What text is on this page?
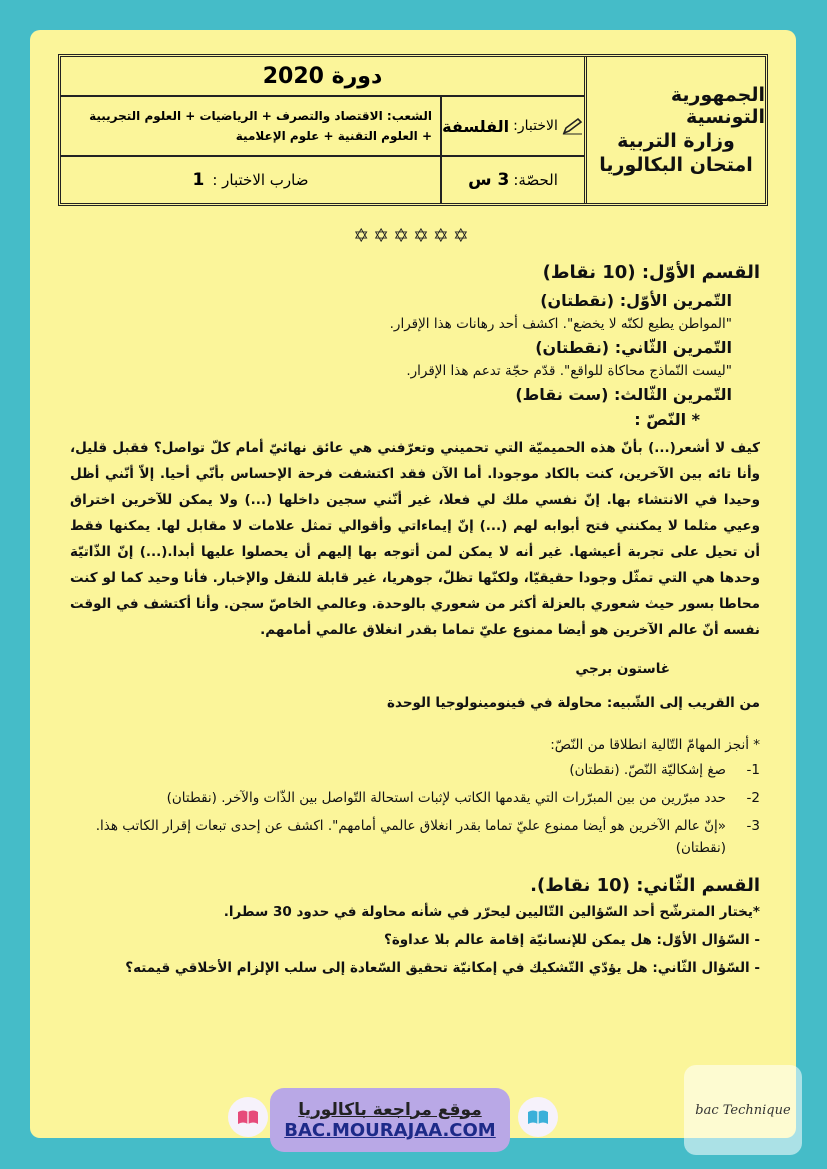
الجمهورية التونسية
وزارة التربية
امتحان البكالوريا
دورة 2020
الاختبار:
الفلسفة
الشعب: الاقتصاد والتصرف + الرياضيات + العلوم التجريبية
+ العلوم التقنية + علوم الإعلامية
الحصّة:
3 س
ضارب الاختبار :
1
✡✡✡✡✡✡
القسم الأوّل: (10 نقاط)
التّمرين الأوّل: (نقطتان)
"المواطن يطيع لكنّه لا يخضع". اكشف أحد رهانات هذا الإقرار.
التّمرين الثّاني: (نقطتان)
"ليست النّماذج محاكاة للواقع". قدّم حجّة تدعم هذا الإقرار.
التّمرين الثّالث: (ست نقاط)
* النّصّ :
كيف لا أشعر(...) بأنّ هذه الحميميّة التي تحميني وتعرّفني هي عائق نهائيّ أمام كلّ تواصل؟ فقبل قليل، وأنا تائه بين الآخرين، كنت بالكاد موجودا. أما الآن فقد اكتشفت فرحة الإحساس بأنّي أحيا. إلاّ أنّني أظل وحيدا في الانتشاء بها. إنّ نفسي ملك لي فعلا، غير أنّني سجين داخلها (...) ولا يمكن للآخرين اختراق وعيي مثلما لا يمكنني فتح أبوابه لهم (...) إنّ إيماءاتي وأقوالي تمثل علامات لا مقابل لها. يمكنها فقط أن تحيل على تجربة أعيشها. غير أنه لا يمكن لمن أتوجه بها إليهم أن يحصلوا عليها أبدا.(...) إنّ الذّاتيّة وحدها هي التي تمثّل وجودا حقيقيّا، ولكنّها تظلّ، جوهريا، غير قابلة للنقل والإخبار. فأنا وحيد كما لو كنت محاطا بسور حيث شعوري بالعزلة أكثر من شعوري بالوحدة. وعالمي الخاصّ سجن. وأنا أكتشف في الوقت نفسه أنّ عالم الآخرين هو أيضا ممنوع عليّ تماما بقدر انغلاق عالمي أمامهم.
غاستون برجي
من القريب إلى الشّبيه: محاولة في فينومينولوجيا الوحدة
* أنجز المهامّ التّالية انطلاقا من النّصّ:
1-
صغ إشكاليّة النّصّ. (نقطتان)
2-
حدد مبرّرين من بين المبرّرات التي يقدمها الكاتب لإثبات استحالة التّواصل بين الذّات والآخر. (نقطتان)
3-
«إنّ عالم الآخرين هو أيضا ممنوع عليّ تماما بقدر انغلاق عالمي أمامهم". اكشف عن إحدى تبعات إقرار الكاتب هذا. (نقطتان)
القسم الثّاني: (10 نقاط).
*يختار المترشّح أحد السّؤالين التّاليين ليحرّر في شأنه محاولة في حدود 30 سطرا.
- السّؤال الأوّل: هل يمكن للإنسانيّة إقامة عالم بلا عداوة؟
- السّؤال الثّاني: هل يؤدّي التّشكيك في إمكانيّة تحقيق السّعادة إلى سلب الإلزام الأخلاقي قيمته؟
موقع مراجعة باكالوريا
BAC.MOURAJAA.COM
bac Technique
